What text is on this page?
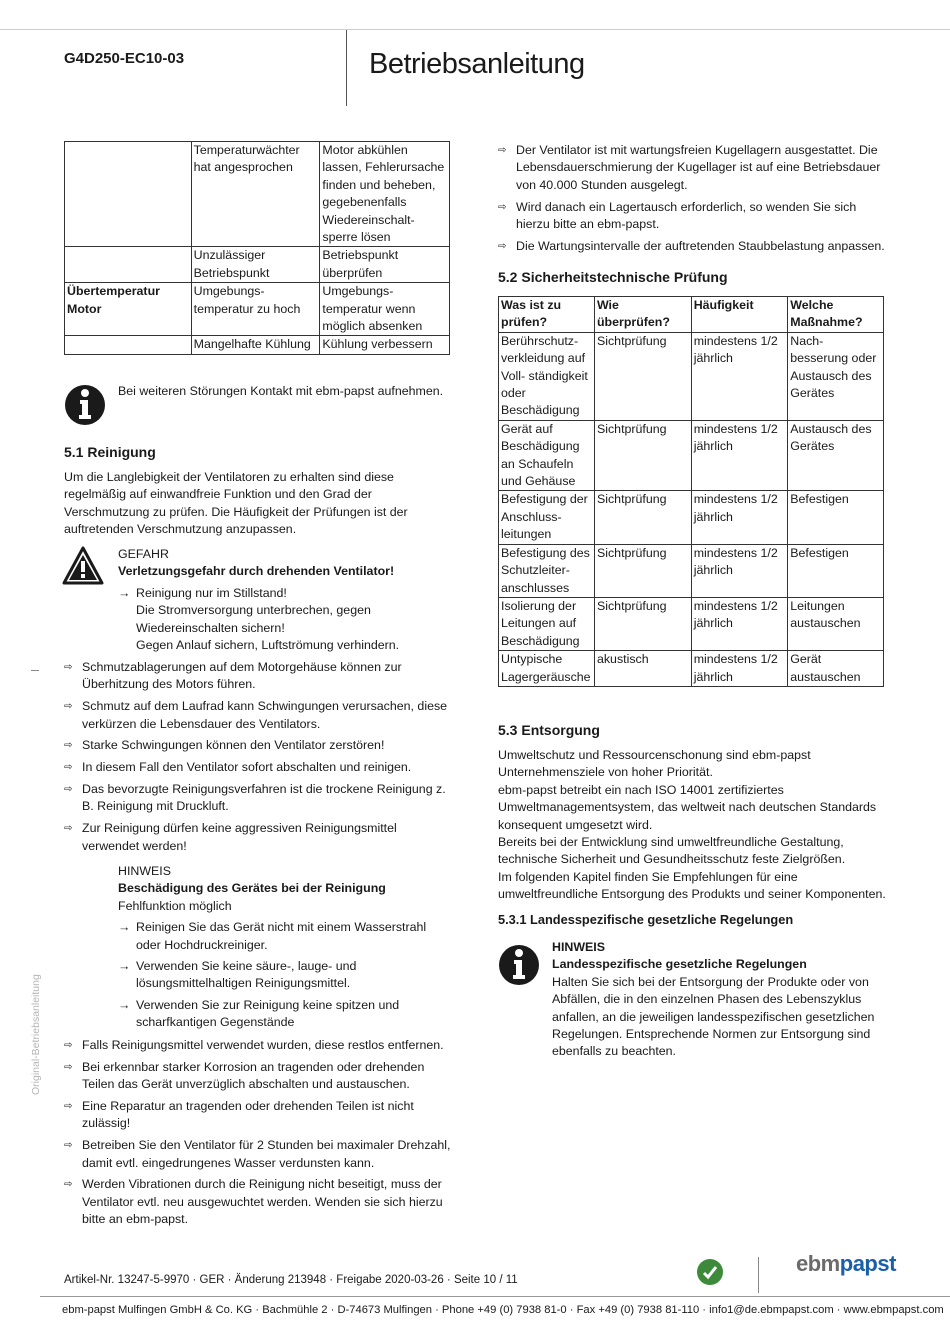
G4D250-EC10-03	Betriebsanleitung
Original-Betriebsanleitung
	Temperaturwächter hat angesprochen	Motor abkühlen lassen, Fehlerursache finden und beheben, gegebenenfalls Wiedereinschalt-sperre lösen
	Unzulässiger Betriebspunkt	Betriebspunkt überprüfen
Übertemperatur Motor	Umgebungs-temperatur zu hoch	Umgebungs-temperatur wenn möglich absenken
	Mangelhafte Kühlung	Kühlung verbessern
Bei weiteren Störungen Kontakt mit ebm-papst aufnehmen.
5.1 Reinigung
Um die Langlebigkeit der Ventilatoren zu erhalten sind diese regelmäßig auf einwandfreie Funktion und den Grad der Verschmutzung zu prüfen. Die Häufigkeit der Prüfungen ist der auftretenden Verschmutzung anzupassen.
GEFAHR
Verletzungsgefahr durch drehenden Ventilator!
→ Reinigung nur im Stillstand!
Die Stromversorgung unterbrechen, gegen Wiedereinschalten sichern!
Gegen Anlauf sichern, Luftströmung verhindern.
⇨ Schmutzablagerungen auf dem Motorgehäuse können zur Überhitzung des Motors führen.
⇨ Schmutz auf dem Laufrad kann Schwingungen verursachen, diese verkürzen die Lebensdauer des Ventilators.
⇨ Starke Schwingungen können den Ventilator zerstören!
⇨ In diesem Fall den Ventilator sofort abschalten und reinigen.
⇨ Das bevorzugte Reinigungsverfahren ist die trockene Reinigung z. B. Reinigung mit Druckluft.
⇨ Zur Reinigung dürfen keine aggressiven Reinigungsmittel verwendet werden!
HINWEIS
Beschädigung des Gerätes bei der Reinigung
Fehlfunktion möglich
→ Reinigen Sie das Gerät nicht mit einem Wasserstrahl oder Hochdruckreiniger.
→ Verwenden Sie keine säure-, lauge- und lösungsmittelhaltigen Reinigungsmittel.
→ Verwenden Sie zur Reinigung keine spitzen und scharfkantigen Gegenstände
⇨ Falls Reinigungsmittel verwendet wurden, diese restlos entfernen.
⇨ Bei erkennbar starker Korrosion an tragenden oder drehenden Teilen das Gerät unverzüglich abschalten und austauschen.
⇨ Eine Reparatur an tragenden oder drehenden Teilen ist nicht zulässig!
⇨ Betreiben Sie den Ventilator für 2 Stunden bei maximaler Drehzahl, damit evtl. eingedrungenes Wasser verdunsten kann.
⇨ Werden Vibrationen durch die Reinigung nicht beseitigt, muss der Ventilator evtl. neu ausgewuchtet werden. Wenden sie sich hierzu bitte an ebm-papst.
⇨ Der Ventilator ist mit wartungsfreien Kugellagern ausgestattet. Die Lebensdauerschmierung der Kugellager ist auf eine Betriebsdauer von 40.000 Stunden ausgelegt.
⇨ Wird danach ein Lagertausch erforderlich, so wenden Sie sich hierzu bitte an ebm-papst.
⇨ Die Wartungsintervalle der auftretenden Staubbelastung anpassen.
5.2 Sicherheitstechnische Prüfung
Was ist zu prüfen?	Wie überprüfen?	Häufigkeit	Welche Maßnahme?
Berührschutz-verkleidung auf Voll- ständigkeit oder Beschädigung	Sichtprüfung	mindestens 1/2 jährlich	Nach-besserung oder Austausch des Gerätes
Gerät auf Beschädigung an Schaufeln und Gehäuse	Sichtprüfung	mindestens 1/2 jährlich	Austausch des Gerätes
Befestigung der Anschluss-leitungen	Sichtprüfung	mindestens 1/2 jährlich	Befestigen
Befestigung des Schutzleiter-anschlusses	Sichtprüfung	mindestens 1/2 jährlich	Befestigen
Isolierung der Leitungen auf Beschädigung	Sichtprüfung	mindestens 1/2 jährlich	Leitungen austauschen
Untypische Lagergeräusche	akustisch	mindestens 1/2 jährlich	Gerät austauschen
5.3 Entsorgung
Umweltschutz und Ressourcenschonung sind ebm-papst Unternehmensziele von hoher Priorität.
ebm-papst betreibt ein nach ISO 14001 zertifiziertes Umweltmanagementsystem, das weltweit nach deutschen Standards konsequent umgesetzt wird.
Bereits bei der Entwicklung sind umweltfreundliche Gestaltung, technische Sicherheit und Gesundheitsschutz feste Zielgrößen.
Im folgenden Kapitel finden Sie Empfehlungen für eine umweltfreundliche Entsorgung des Produkts und seiner Komponenten.
5.3.1 Landesspezifische gesetzliche Regelungen
HINWEIS
Landesspezifische gesetzliche Regelungen
Halten Sie sich bei der Entsorgung der Produkte oder von Abfällen, die in den einzelnen Phasen des Lebenszyklus anfallen, an die jeweiligen landesspezifischen gesetzlichen Regelungen. Entsprechende Normen zur Entsorgung sind ebenfalls zu beachten.
Artikel-Nr. 13247-5-9970 · GER · Änderung 213948 · Freigabe 2020-03-26 · Seite 10 / 11
ebmpapst
ebm-papst Mulfingen GmbH & Co. KG · Bachmühle 2 · D-74673 Mulfingen · Phone +49 (0) 7938 81-0 · Fax +49 (0) 7938 81-110 · info1@de.ebmpapst.com · www.ebmpapst.com
